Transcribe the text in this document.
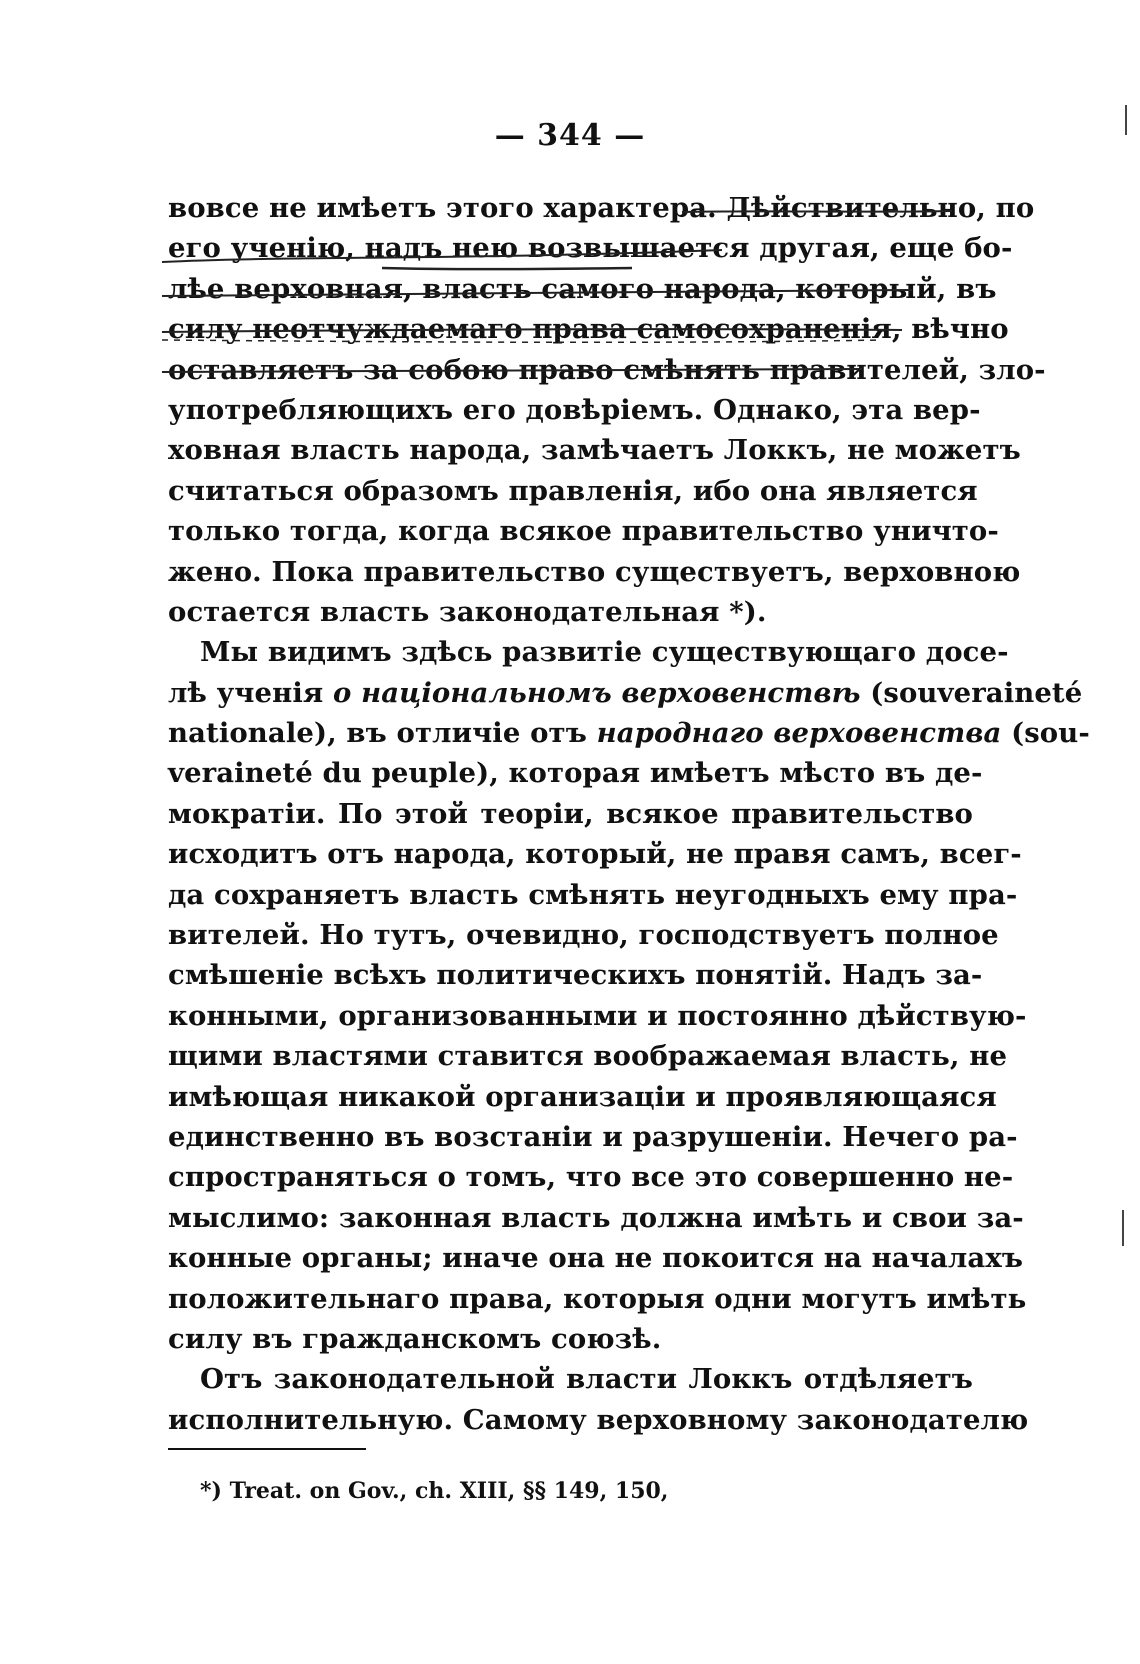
— 344 —
вовсе не имѣетъ этого характера. Дѣйствительно, по
его ученію, надъ нею возвышается другая, еще бо-
лѣе верховная, власть самого народа, который, въ
силу неотчуждаемаго права самосохраненія, вѣчно
оставляетъ за собою право смѣнять правителей, зло-
употребляющихъ его довѣріемъ. Однако, эта вер-
ховная власть народа, замѣчаетъ Локкъ, не можетъ
считаться образомъ правленія, ибо она является
только тогда, когда всякое правительство уничто-
жено. Пока правительство существуетъ, верховною
остается власть законодательная *).
Мы видимъ здѣсь развитіе существующаго досе-
лѣ ученія о національномъ верховенствѣ (souveraineté
nationale), въ отличіе отъ народнаго верховенства (sou-
veraineté du peuple), которая имѣетъ мѣсто въ де-
мократіи. По этой теоріи, всякое правительство
исходитъ отъ народа, который, не правя самъ, всег-
да сохраняетъ власть смѣнять неугодныхъ ему пра-
вителей. Но тутъ, очевидно, господствуетъ полное
смѣшеніе всѣхъ политическихъ понятій. Надъ за-
конными, организованными и постоянно дѣйствую-
щими властями ставится воображаемая власть, не
имѣющая никакой организаціи и проявляющаяся
единственно въ возстаніи и разрушеніи. Нечего ра-
спространяться о томъ, что все это совершенно не-
мыслимо: законная власть должна имѣть и свои за-
конные органы; иначе она не покоится на началахъ
положительнаго права, которыя одни могутъ имѣть
силу въ гражданскомъ союзѣ.
Отъ законодательной власти Локкъ отдѣляетъ
исполнительную. Самому верховному законодателю
*) Treat. on Gov., ch. XIII, §§ 149, 150,
